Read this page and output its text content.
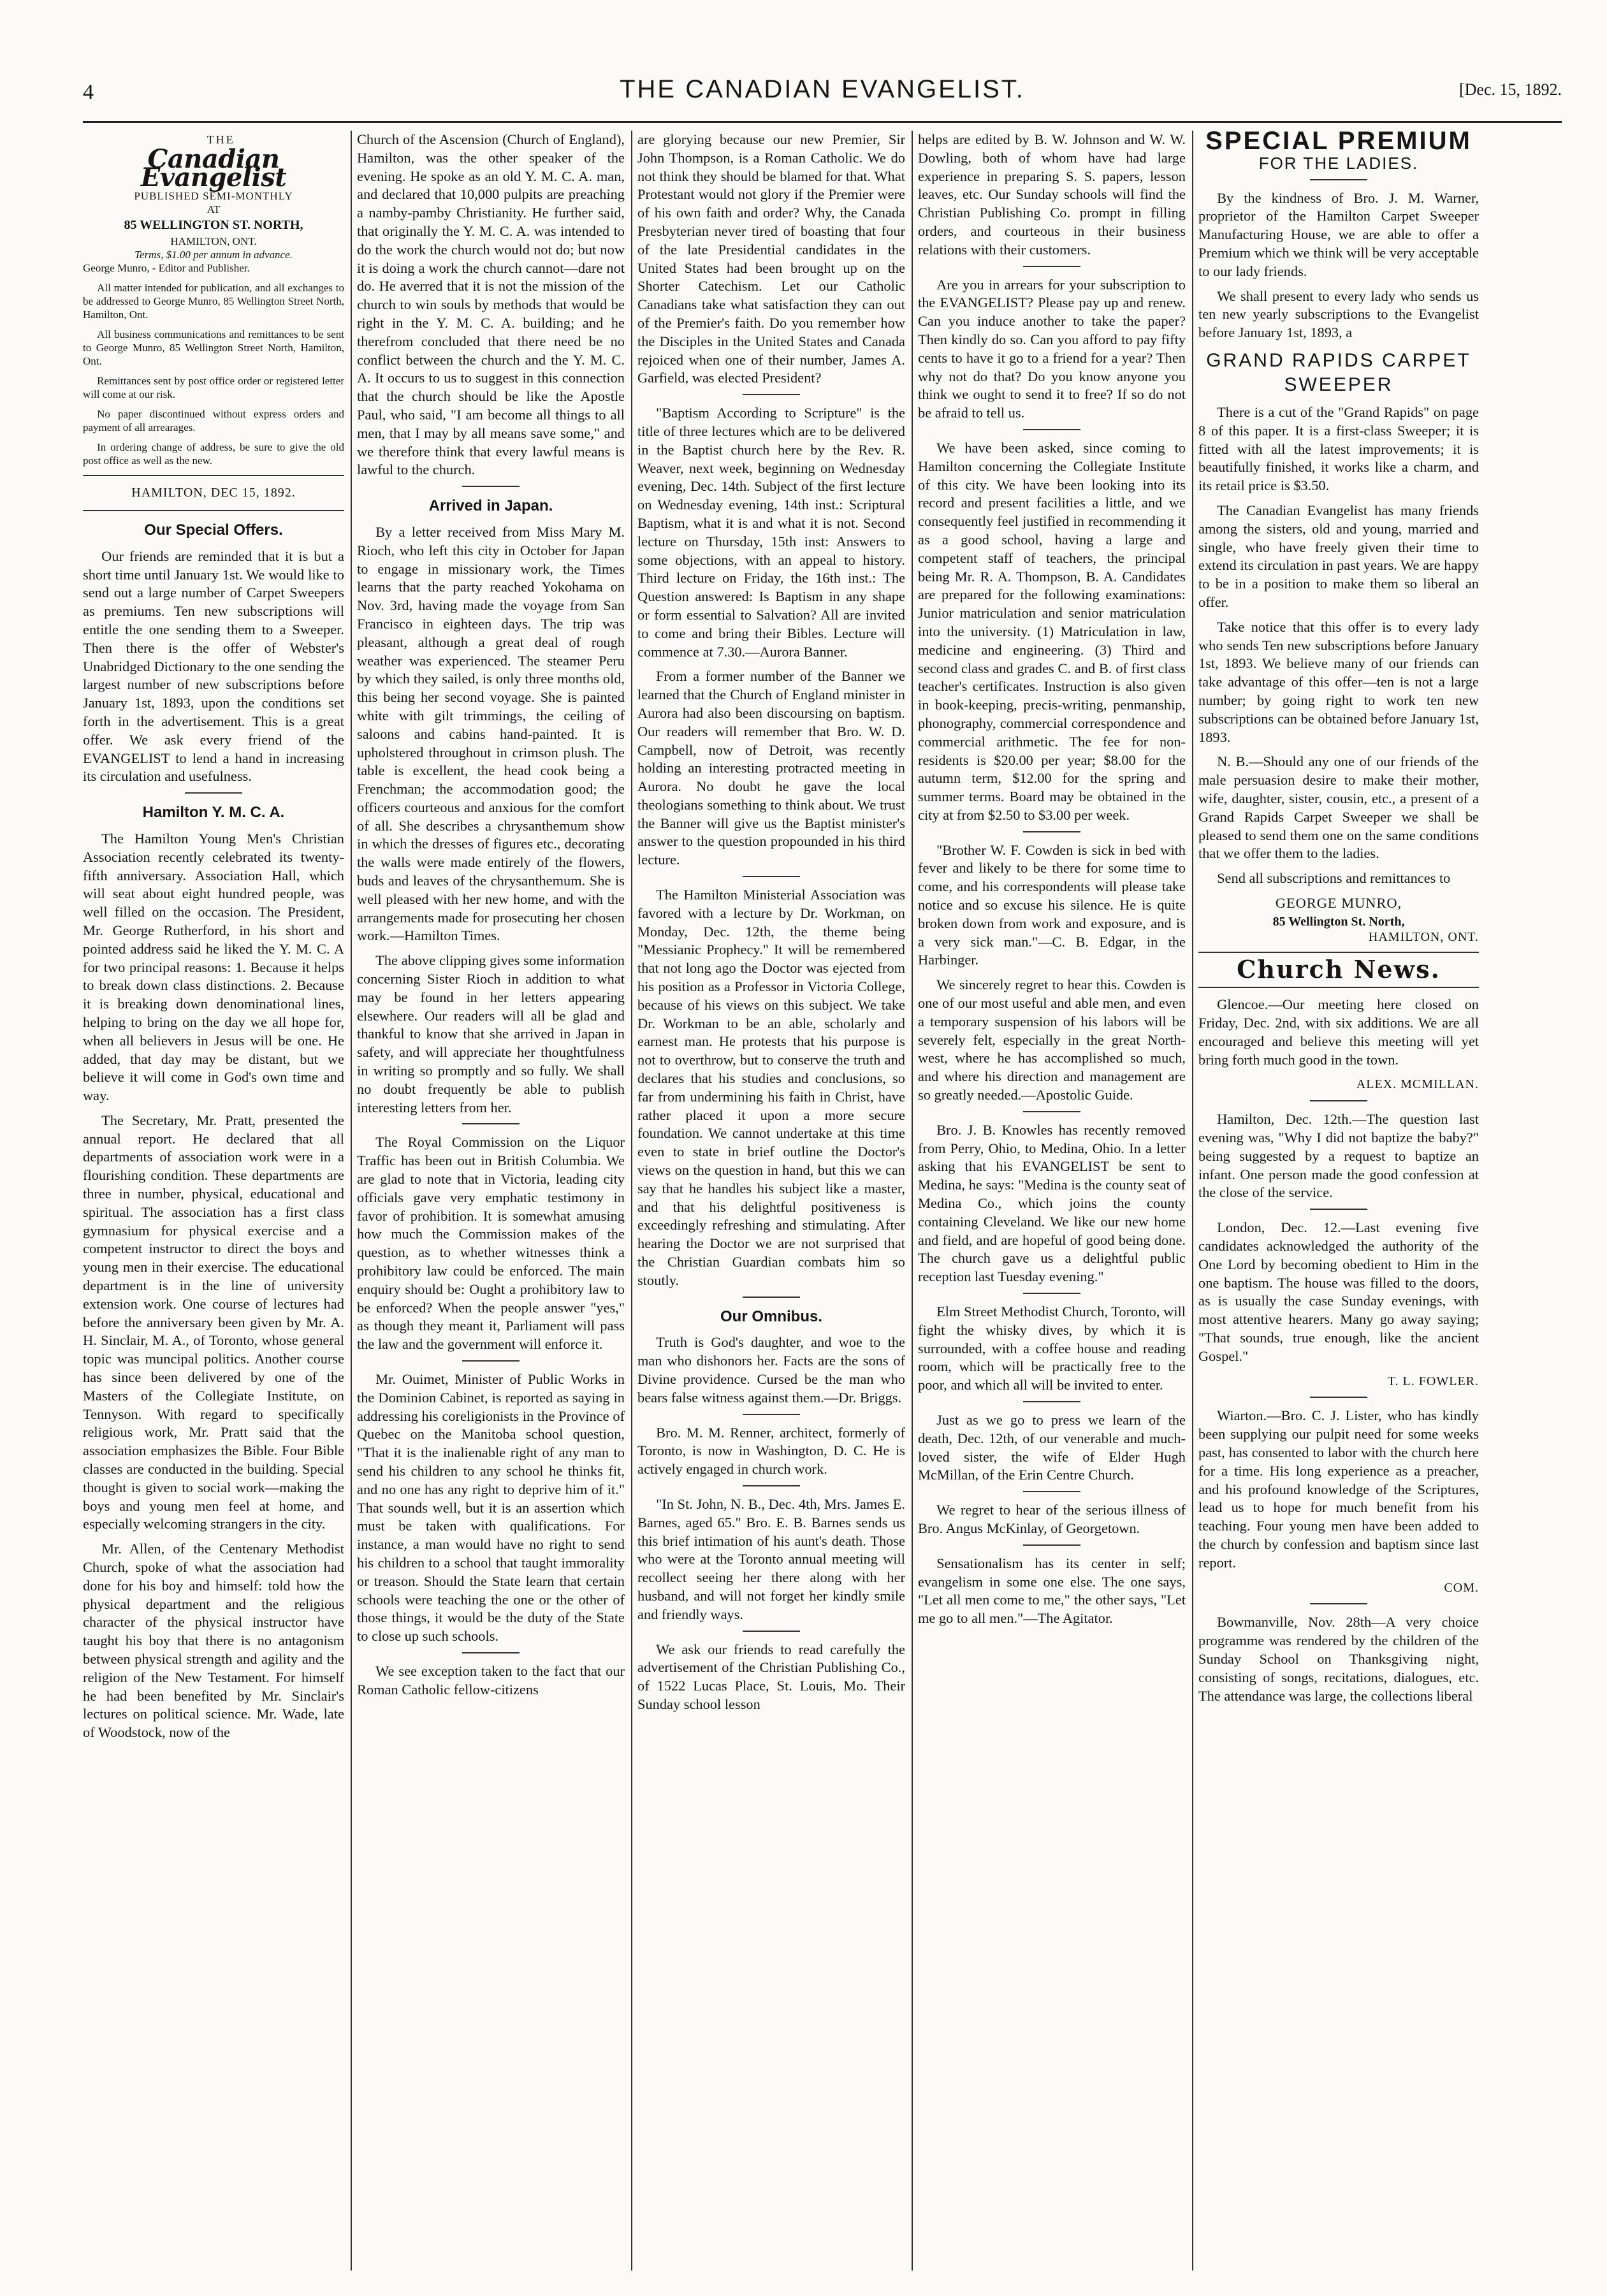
4	THE CANADIAN EVANGELIST.	[Dec. 15, 1892.

THE

Canadian Evangelist

PUBLISHED SEMI-MONTHLY

AT

85 WELLINGTON ST. NORTH,

HAMILTON, ONT.

Terms, $1.00 per annum in advance.

George Munro, - Editor and Publisher.

All matter intended for publication, and all exchanges to be addressed to George Munro, 85 Wellington Street North, Hamilton, Ont.

All business communications and remittances to be sent to George Munro, 85 Wellington Street North, Hamilton, Ont.

Remittances sent by post office order or registered letter will come at our risk.

No paper discontinued without express orders and payment of all arrearages.

In ordering change of address, be sure to give the old post office as well as the new.

HAMILTON, DEC 15, 1892.

Our Special Offers.

Our friends are reminded that it is but a short time until January 1st. We would like to send out a large number of Carpet Sweepers as premiums. Ten new subscriptions will entitle the one sending them to a Sweeper. Then there is the offer of Webster's Unabridged Dictionary to the one sending the largest number of new subscriptions before January 1st, 1893, upon the conditions set forth in the advertisement. This is a great offer. We ask every friend of the EVANGELIST to lend a hand in increasing its circulation and usefulness.

Hamilton Y. M. C. A.

The Hamilton Young Men's Christian Association recently celebrated its twenty-fifth anniversary. Association Hall, which will seat about eight hundred people, was well filled on the occasion. The President, Mr. George Rutherford, in his short and pointed address said he liked the Y. M. C. A for two principal reasons: 1. Because it helps to break down class distinctions. 2. Because it is breaking down denominational lines, helping to bring on the day we all hope for, when all believers in Jesus will be one. He added, that day may be distant, but we believe it will come in God's own time and way.

The Secretary, Mr. Pratt, presented the annual report. He declared that all departments of association work were in a flourishing condition. These departments are three in number, physical, educational and spiritual. The association has a first class gymnasium for physical exercise and a competent instructor to direct the boys and young men in their exercise. The educational department is in the line of university extension work. One course of lectures had before the anniversary been given by Mr. A. H. Sinclair, M. A., of Toronto, whose general topic was muncipal politics. Another course has since been delivered by one of the Masters of the Collegiate Institute, on Tennyson. With regard to specifically religious work, Mr. Pratt said that the association emphasizes the Bible. Four Bible classes are conducted in the building. Special thought is given to social work—making the boys and young men feel at home, and especially welcoming strangers in the city.

Mr. Allen, of the Centenary Methodist Church, spoke of what the association had done for his boy and himself: told how the physical department and the religious character of the physical instructor have taught his boy that there is no antagonism between physical strength and agility and the religion of the New Testament. For himself he had been benefited by Mr. Sinclair's lectures on political science. Mr. Wade, late of Woodstock, now of the

Church of the Ascension (Church of England), Hamilton, was the other speaker of the evening. He spoke as an old Y. M. C. A. man, and declared that 10,000 pulpits are preaching a namby-pamby Christianity. He further said, that originally the Y. M. C. A. was intended to do the work the church would not do; but now it is doing a work the church cannot—dare not do. He averred that it is not the mission of the church to win souls by methods that would be right in the Y. M. C. A. building; and he therefrom concluded that there need be no conflict between the church and the Y. M. C. A. It occurs to us to suggest in this connection that the church should be like the Apostle Paul, who said, "I am become all things to all men, that I may by all means save some," and we therefore think that every lawful means is lawful to the church.

Arrived in Japan.

By a letter received from Miss Mary M. Rioch, who left this city in October for Japan to engage in missionary work, the Times learns that the party reached Yokohama on Nov. 3rd, having made the voyage from San Francisco in eighteen days. The trip was pleasant, although a great deal of rough weather was experienced. The steamer Peru by which they sailed, is only three months old, this being her second voyage. She is painted white with gilt trimmings, the ceiling of saloons and cabins hand-painted. It is upholstered throughout in crimson plush. The table is excellent, the head cook being a Frenchman; the accommodation good; the officers courteous and anxious for the comfort of all. She describes a chrysanthemum show in which the dresses of figures etc., decorating the walls were made entirely of the flowers, buds and leaves of the chrysanthemum. She is well pleased with her new home, and with the arrangements made for prosecuting her chosen work.—Hamilton Times.

The above clipping gives some information concerning Sister Rioch in addition to what may be found in her letters appearing elsewhere. Our readers will all be glad and thankful to know that she arrived in Japan in safety, and will appreciate her thoughtfulness in writing so promptly and so fully. We shall no doubt frequently be able to publish interesting letters from her.

The Royal Commission on the Liquor Traffic has been out in British Columbia. We are glad to note that in Victoria, leading city officials gave very emphatic testimony in favor of prohibition. It is somewhat amusing how much the Commission makes of the question, as to whether witnesses think a prohibitory law could be enforced. The main enquiry should be: Ought a prohibitory law to be enforced? When the people answer "yes," as though they meant it, Parliament will pass the law and the government will enforce it.

Mr. Ouimet, Minister of Public Works in the Dominion Cabinet, is reported as saying in addressing his coreligionists in the Province of Quebec on the Manitoba school question, "That it is the inalienable right of any man to send his children to any school he thinks fit, and no one has any right to deprive him of it." That sounds well, but it is an assertion which must be taken with qualifications. For instance, a man would have no right to send his children to a school that taught immorality or treason. Should the State learn that certain schools were teaching the one or the other of those things, it would be the duty of the State to close up such schools.

We see exception taken to the fact that our Roman Catholic fellow-citizens

are glorying because our new Premier, Sir John Thompson, is a Roman Catholic. We do not think they should be blamed for that. What Protestant would not glory if the Premier were of his own faith and order? Why, the Canada Presbyterian never tired of boasting that four of the late Presidential candidates in the United States had been brought up on the Shorter Catechism. Let our Catholic Canadians take what satisfaction they can out of the Premier's faith. Do you remember how the Disciples in the United States and Canada rejoiced when one of their number, James A. Garfield, was elected President?

"Baptism According to Scripture" is the title of three lectures which are to be delivered in the Baptist church here by the Rev. R. Weaver, next week, beginning on Wednesday evening, Dec. 14th. Subject of the first lecture on Wednesday evening, 14th inst.: Scriptural Baptism, what it is and what it is not. Second lecture on Thursday, 15th inst: Answers to some objections, with an appeal to history. Third lecture on Friday, the 16th inst.: The Question answered: Is Baptism in any shape or form essential to Salvation? All are invited to come and bring their Bibles. Lecture will commence at 7.30.—Aurora Banner.

From a former number of the Banner we learned that the Church of England minister in Aurora had also been discoursing on baptism. Our readers will remember that Bro. W. D. Campbell, now of Detroit, was recently holding an interesting protracted meeting in Aurora. No doubt he gave the local theologians something to think about. We trust the Banner will give us the Baptist minister's answer to the question propounded in his third lecture.

The Hamilton Ministerial Association was favored with a lecture by Dr. Workman, on Monday, Dec. 12th, the theme being "Messianic Prophecy." It will be remembered that not long ago the Doctor was ejected from his position as a Professor in Victoria College, because of his views on this subject. We take Dr. Workman to be an able, scholarly and earnest man. He protests that his purpose is not to overthrow, but to conserve the truth and declares that his studies and conclusions, so far from undermining his faith in Christ, have rather placed it upon a more secure foundation. We cannot undertake at this time even to state in brief outline the Doctor's views on the question in hand, but this we can say that he handles his subject like a master, and that his delightful positiveness is exceedingly refreshing and stimulating. After hearing the Doctor we are not surprised that the Christian Guardian combats him so stoutly.

Our Omnibus.

Truth is God's daughter, and woe to the man who dishonors her. Facts are the sons of Divine providence. Cursed be the man who bears false witness against them.—Dr. Briggs.

Bro. M. M. Renner, architect, formerly of Toronto, is now in Washington, D. C. He is actively engaged in church work.

"In St. John, N. B., Dec. 4th, Mrs. James E. Barnes, aged 65." Bro. E. B. Barnes sends us this brief intimation of his aunt's death. Those who were at the Toronto annual meeting will recollect seeing her there along with her husband, and will not forget her kindly smile and friendly ways.

We ask our friends to read carefully the advertisement of the Christian Publishing Co., of 1522 Lucas Place, St. Louis, Mo. Their Sunday school lesson

helps are edited by B. W. Johnson and W. W. Dowling, both of whom have had large experience in preparing S. S. papers, lesson leaves, etc. Our Sunday schools will find the Christian Publishing Co. prompt in filling orders, and courteous in their business relations with their customers.

Are you in arrears for your subscription to the EVANGELIST? Please pay up and renew. Can you induce another to take the paper? Then kindly do so. Can you afford to pay fifty cents to have it go to a friend for a year? Then why not do that? Do you know anyone you think we ought to send it to free? If so do not be afraid to tell us.

We have been asked, since coming to Hamilton concerning the Collegiate Institute of this city. We have been looking into its record and present facilities a little, and we consequently feel justified in recommending it as a good school, having a large and competent staff of teachers, the principal being Mr. R. A. Thompson, B. A. Candidates are prepared for the following examinations: Junior matriculation and senior matriculation into the university. (1) Matriculation in law, medicine and engineering. (3) Third and second class and grades C. and B. of first class teacher's certificates. Instruction is also given in book-keeping, precis-writing, penmanship, phonography, commercial correspondence and commercial arithmetic. The fee for non-residents is $20.00 per year; $8.00 for the autumn term, $12.00 for the spring and summer terms. Board may be obtained in the city at from $2.50 to $3.00 per week.

"Brother W. F. Cowden is sick in bed with fever and likely to be there for some time to come, and his correspondents will please take notice and so excuse his silence. He is quite broken down from work and exposure, and is a very sick man."—C. B. Edgar, in the Harbinger.

We sincerely regret to hear this. Cowden is one of our most useful and able men, and even a temporary suspension of his labors will be severely felt, especially in the great North-west, where he has accomplished so much, and where his direction and management are so greatly needed.—Apostolic Guide.

Bro. J. B. Knowles has recently removed from Perry, Ohio, to Medina, Ohio. In a letter asking that his EVANGELIST be sent to Medina, he says: "Medina is the county seat of Medina Co., which joins the county containing Cleveland. We like our new home and field, and are hopeful of good being done. The church gave us a delightful public reception last Tuesday evening."

Elm Street Methodist Church, Toronto, will fight the whisky dives, by which it is surrounded, with a coffee house and reading room, which will be practically free to the poor, and which all will be invited to enter.

Just as we go to press we learn of the death, Dec. 12th, of our venerable and much-loved sister, the wife of Elder Hugh McMillan, of the Erin Centre Church.

We regret to hear of the serious illness of Bro. Angus McKinlay, of Georgetown.

Sensationalism has its center in self; evangelism in some one else. The one says, "Let all men come to me," the other says, "Let me go to all men."—The Agitator.

SPECIAL PREMIUM
FOR THE LADIES.

By the kindness of Bro. J. M. Warner, proprietor of the Hamilton Carpet Sweeper Manufacturing House, we are able to offer a Premium which we think will be very acceptable to our lady friends.

We shall present to every lady who sends us ten new yearly subscriptions to the Evangelist before January 1st, 1893, a

GRAND RAPIDS CARPET SWEEPER

There is a cut of the "Grand Rapids" on page 8 of this paper. It is a first-class Sweeper; it is fitted with all the latest improvements; it is beautifully finished, it works like a charm, and its retail price is $3.50.

The Canadian Evangelist has many friends among the sisters, old and young, married and single, who have freely given their time to extend its circulation in past years. We are happy to be in a position to make them so liberal an offer.

Take notice that this offer is to every lady who sends Ten new subscriptions before January 1st, 1893. We believe many of our friends can take advantage of this offer—ten is not a large number; by going right to work ten new subscriptions can be obtained before January 1st, 1893.

N. B.—Should any one of our friends of the male persuasion desire to make their mother, wife, daughter, sister, cousin, etc., a present of a Grand Rapids Carpet Sweeper we shall be pleased to send them one on the same conditions that we offer them to the ladies.

Send all subscriptions and remittances to

GEORGE MUNRO,

85 Wellington St. North,

HAMILTON, ONT.

Church News.

Glencoe.—Our meeting here closed on Friday, Dec. 2nd, with six additions. We are all encouraged and believe this meeting will yet bring forth much good in the town.

ALEX. MCMILLAN.

Hamilton, Dec. 12th.—The question last evening was, "Why I did not baptize the baby?" being suggested by a request to baptize an infant. One person made the good confession at the close of the service.

London, Dec. 12.—Last evening five candidates acknowledged the authority of the One Lord by becoming obedient to Him in the one baptism. The house was filled to the doors, as is usually the case Sunday evenings, with most attentive hearers. Many go away saying; "That sounds, true enough, like the ancient Gospel."

T. L. FOWLER.

Wiarton.—Bro. C. J. Lister, who has kindly been supplying our pulpit need for some weeks past, has consented to labor with the church here for a time. His long experience as a preacher, and his profound knowledge of the Scriptures, lead us to hope for much benefit from his teaching. Four young men have been added to the church by confession and baptism since last report.

COM.

Bowmanville, Nov. 28th—A very choice programme was rendered by the children of the Sunday School on Thanksgiving night, consisting of songs, recitations, dialogues, etc. The attendance was large, the collections liberal
